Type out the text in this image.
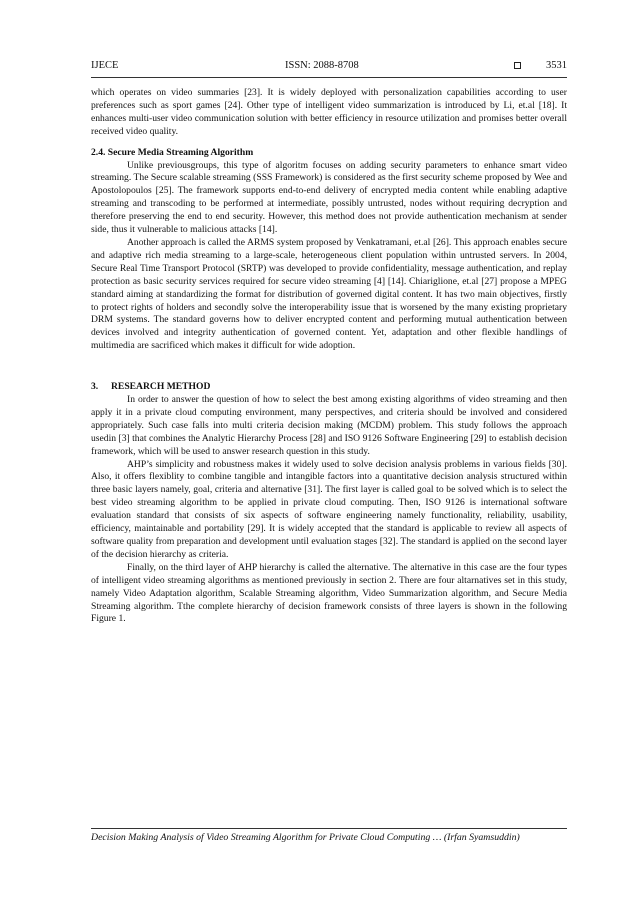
IJECE	ISSN: 2088-8708	3531

which operates on video summaries [23]. It is widely deployed with personalization capabilities according to user preferences such as sport games [24]. Other type of intelligent video summarization is introduced by Li, et.al [18]. It enhances multi-user video communication solution with better efficiency in resource utilization and promises better overall received video quality.

2.4. Secure Media Streaming Algorithm

Unlike previousgroups, this type of algoritm focuses on adding security parameters to enhance smart video streaming. The Secure scalable streaming (SSS Framework) is considered as the first security scheme proposed by Wee and Apostolopoulos [25]. The framework supports end-to-end delivery of encrypted media content while enabling adaptive streaming and transcoding to be performed at intermediate, possibly untrusted, nodes without requiring decryption and therefore preserving the end to end security. However, this method does not provide authentication mechanism at sender side, thus it vulnerable to malicious attacks [14].

Another approach is called the ARMS system proposed by Venkatramani, et.al [26]. This approach enables secure and adaptive rich media streaming to a large-scale, heterogeneous client population within untrusted servers. In 2004, Secure Real Time Transport Protocol (SRTP) was developed to provide confidentiality, message authentication, and replay protection as basic security services required for secure video streaming [4] [14]. Chiariglione, et.al [27] propose a MPEG standard aiming at standardizing the format for distribution of governed digital content. It has two main objectives, firstly to protect rights of holders and secondly solve the interoperability issue that is worsened by the many existing proprietary DRM systems. The standard governs how to deliver encrypted content and performing mutual authentication between devices involved and integrity authentication of governed content. Yet, adaptation and other flexible handlings of multimedia are sacrificed which makes it difficult for wide adoption.

3. RESEARCH METHOD

In order to answer the question of how to select the best among existing algorithms of video streaming and then apply it in a private cloud computing environment, many perspectives, and criteria should be involved and considered appropriately. Such case falls into multi criteria decision making (MCDM) problem. This study follows the approach usedin [3] that combines the Analytic Hierarchy Process [28] and ISO 9126 Software Engineering [29] to establish decision framework, which will be used to answer research question in this study.

AHP’s simplicity and robustness makes it widely used to solve decision analysis problems in various fields [30]. Also, it offers flexiblity to combine tangible and intangible factors into a quantitative decision analysis structured within three basic layers namely, goal, criteria and alternative [31]. The first layer is called goal to be solved which is to select the best video streaming algorithm to be applied in private cloud computing. Then, ISO 9126 is international software evaluation standard that consists of six aspects of software engineering namely functionality, reliability, usability, efficiency, maintainable and portability [29]. It is widely accepted that the standard is applicable to review all aspects of software quality from preparation and development until evaluation stages [32]. The standard is applied on the second layer of the decision hierarchy as criteria.

Finally, on the third layer of AHP hierarchy is called the alternative. The alternative in this case are the four types of intelligent video streaming algorithms as mentioned previously in section 2. There are four altarnatives set in this study, namely Video Adaptation algorithm, Scalable Streaming algorithm, Video Summarization algorithm, and Secure Media Streaming algorithm. Tthe complete hierarchy of decision framework consists of three layers is shown in the following Figure 1.

Decision Making Analysis of Video Streaming Algorithm for Private Cloud Computing … (Irfan Syamsuddin)
